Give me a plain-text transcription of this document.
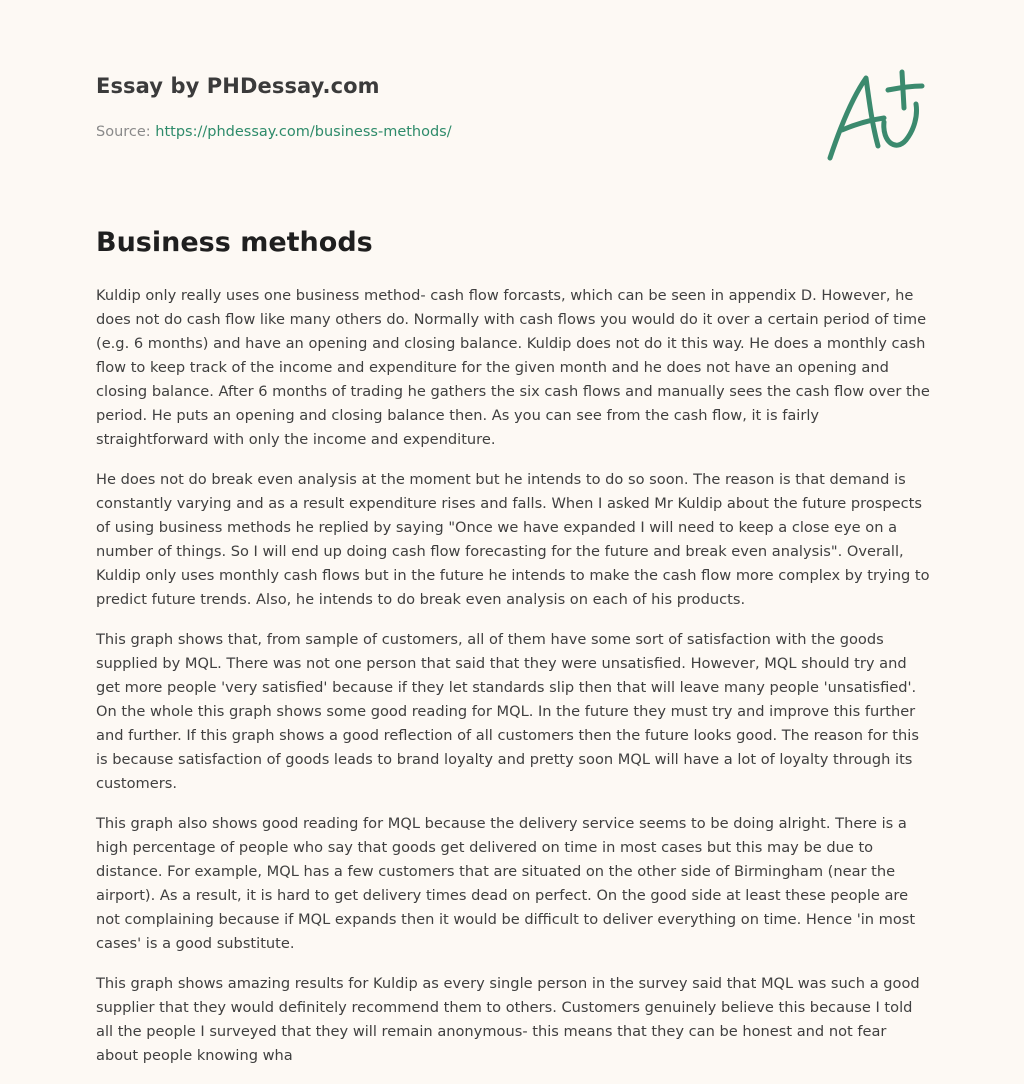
Essay by PHDessay.com

Source: https://phdessay.com/business-methods/

Business methods

Kuldip only really uses one business method- cash flow forcasts, which can be seen in appendix D. However, he does not do cash flow like many others do. Normally with cash flows you would do it over a certain period of time (e.g. 6 months) and have an opening and closing balance. Kuldip does not do it this way. He does a monthly cash flow to keep track of the income and expenditure for the given month and he does not have an opening and closing balance. After 6 months of trading he gathers the six cash flows and manually sees the cash flow over the period. He puts an opening and closing balance then. As you can see from the cash flow, it is fairly straightforward with only the income and expenditure.

He does not do break even analysis at the moment but he intends to do so soon. The reason is that demand is constantly varying and as a result expenditure rises and falls. When I asked Mr Kuldip about the future prospects of using business methods he replied by saying "Once we have expanded I will need to keep a close eye on a number of things. So I will end up doing cash flow forecasting for the future and break even analysis". Overall, Kuldip only uses monthly cash flows but in the future he intends to make the cash flow more complex by trying to predict future trends. Also, he intends to do break even analysis on each of his products.

This graph shows that, from sample of customers, all of them have some sort of satisfaction with the goods supplied by MQL. There was not one person that said that they were unsatisfied. However, MQL should try and get more people 'very satisfied' because if they let standards slip then that will leave many people 'unsatisfied'. On the whole this graph shows some good reading for MQL. In the future they must try and improve this further and further. If this graph shows a good reflection of all customers then the future looks good. The reason for this is because satisfaction of goods leads to brand loyalty and pretty soon MQL will have a lot of loyalty through its customers.

This graph also shows good reading for MQL because the delivery service seems to be doing alright. There is a high percentage of people who say that goods get delivered on time in most cases but this may be due to distance. For example, MQL has a few customers that are situated on the other side of Birmingham (near the airport). As a result, it is hard to get delivery times dead on perfect. On the good side at least these people are not complaining because if MQL expands then it would be difficult to deliver everything on time. Hence 'in most cases' is a good substitute.

This graph shows amazing results for Kuldip as every single person in the survey said that MQL was such a good supplier that they would definitely recommend them to others. Customers genuinely believe this because I told all the people I surveyed that they will remain anonymous- this means that they can be honest and not fear about people knowing wha
